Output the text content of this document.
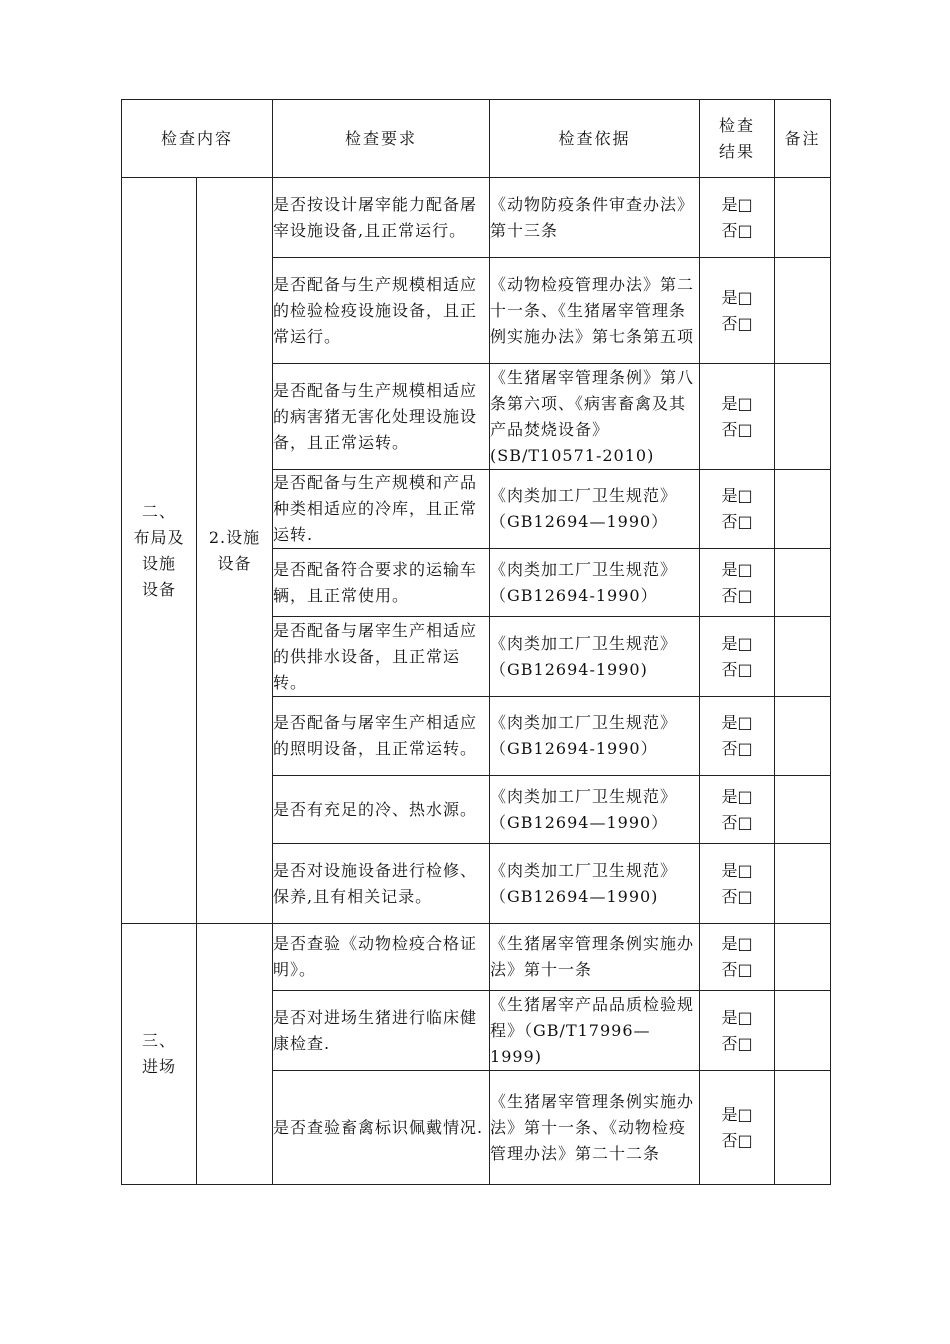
检查内容		检查要求	检查依据	检查
结果	备注

二、
布局及
设施
设备	2.设施
设备	是否按设计屠宰能力配备屠宰设施设备,且正常运行。	《动物防疫条件审查办法》第十三条	是□
否□	

		是否配备与生产规模相适应的检验检疫设施设备，且正常运行。	《动物检疫管理办法》第二十一条、《生猪屠宰管理条例实施办法》第七条第五项	是□
否□	

		是否配备与生产规模相适应的病害猪无害化处理设施设备，且正常运转。	《生猪屠宰管理条例》第八条第六项、《病害畜禽及其产品焚烧设备》(SB/T10571-2010)	是□
否□	

		是否配备与生产规模和产品种类相适应的冷库，且正常运转.	《肉类加工厂卫生规范》（GB12694—1990）	是□
否□	

		是否配备符合要求的运输车辆，且正常使用。	《肉类加工厂卫生规范》（GB12694-1990）	是□
否□	

		是否配备与屠宰生产相适应的供排水设备，且正常运转。	《肉类加工厂卫生规范》（GB12694-1990)	是□
否□	

		是否配备与屠宰生产相适应的照明设备，且正常运转。	《肉类加工厂卫生规范》（GB12694-1990）	是□
否□	

		是否有充足的冷、热水源。	《肉类加工厂卫生规范》（GB12694—1990）	是□
否□	

		是否对设施设备进行检修、保养,且有相关记录。	《肉类加工厂卫生规范》（GB12694—1990)	是□
否□	

三、
进场		是否查验《动物检疫合格证明》。	《生猪屠宰管理条例实施办法》第十一条	是□
否□	

		是否对进场生猪进行临床健康检查.	《生猪屠宰产品品质检验规程》（GB/T17996—1999)	是□
否□	

		是否查验畜禽标识佩戴情况.	《生猪屠宰管理条例实施办法》第十一条、《动物检疫管理办法》第二十二条	是□
否□	
